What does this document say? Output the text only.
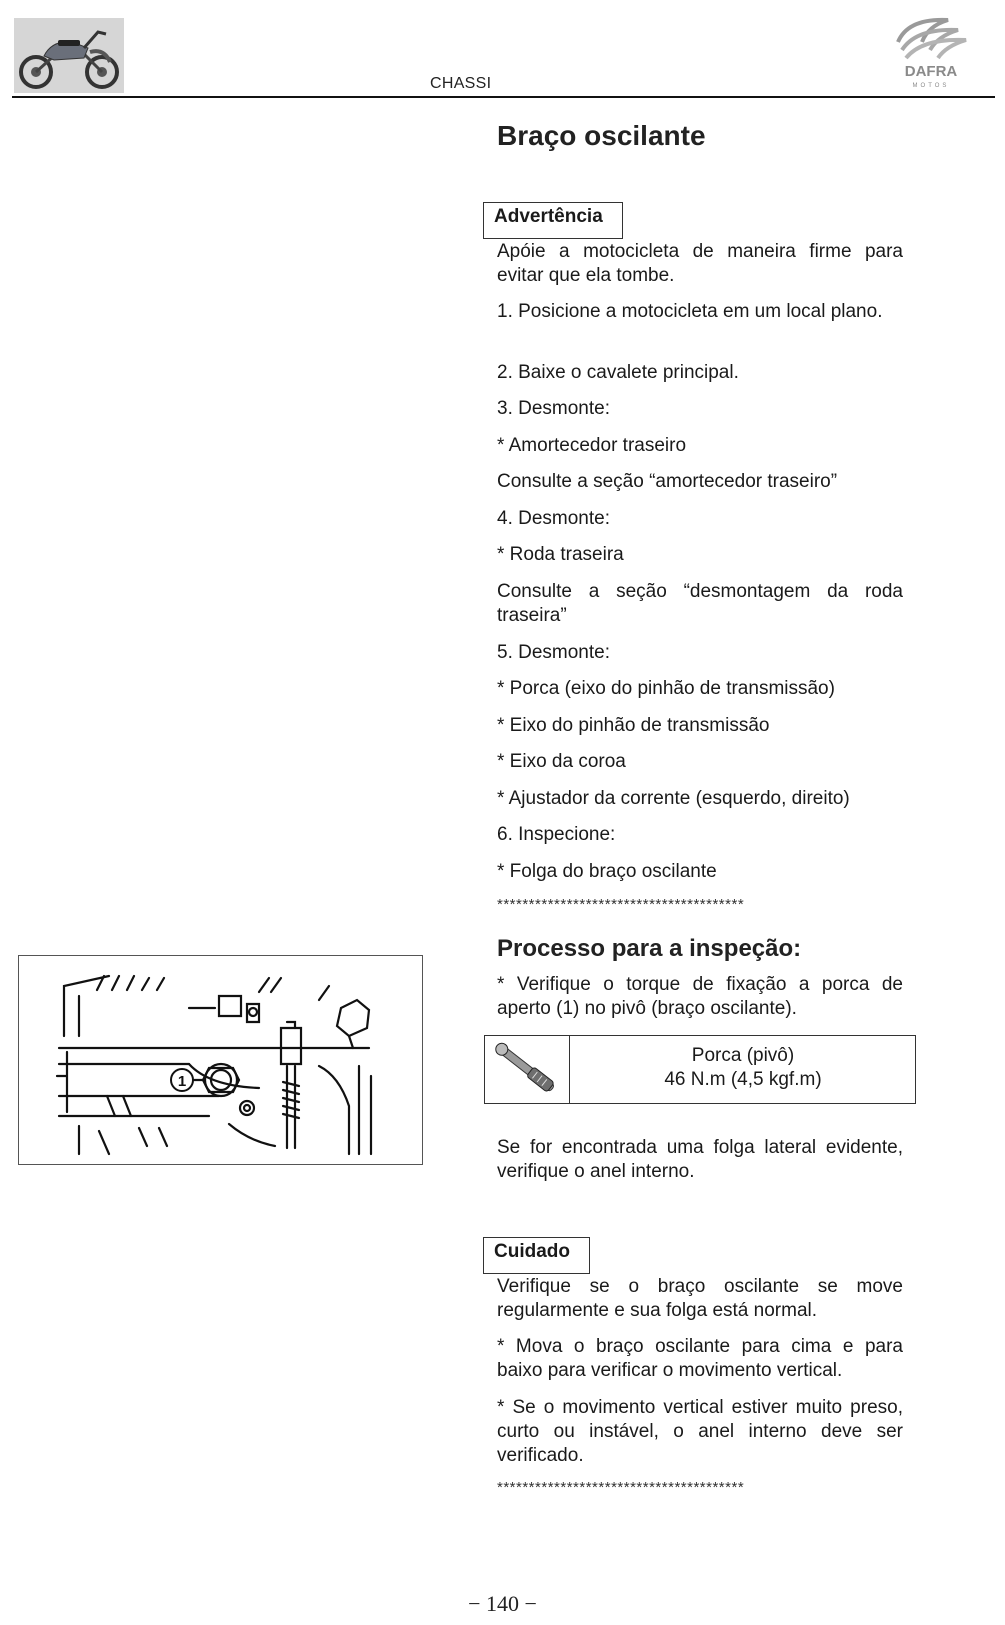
CHASSI
DAFRA
MOTOS
Braço oscilante
Advertência
Apóie a motocicleta de maneira firme para evitar que ela tombe.
1. Posicione a motocicleta em um local plano.
2. Baixe o cavalete principal.
3. Desmonte:
* Amortecedor traseiro
Consulte a seção “amortecedor traseiro”
4. Desmonte:
* Roda traseira
Consulte a seção “desmontagem da roda traseira”
5. Desmonte:
* Porca (eixo do pinhão de transmissão)
* Eixo do pinhão de transmissão
* Eixo da coroa
* Ajustador da corrente (esquerdo, direito)
6. Inspecione:
* Folga do braço oscilante
***************************************
Processo para a inspeção:
* Verifique o torque de fixação a porca de aperto (1) no pivô (braço oscilante).
Porca (pivô)
46 N.m (4,5 kgf.m)
Se for encontrada uma folga lateral evidente, verifique o anel interno.
1
Cuidado
Verifique se o braço oscilante se move regularmente e sua folga está normal.
* Mova o braço oscilante para cima e para baixo para verificar o movimento vertical.
* Se o movimento vertical estiver muito preso, curto ou instável, o anel interno deve ser verificado.
***************************************
− 140 −
